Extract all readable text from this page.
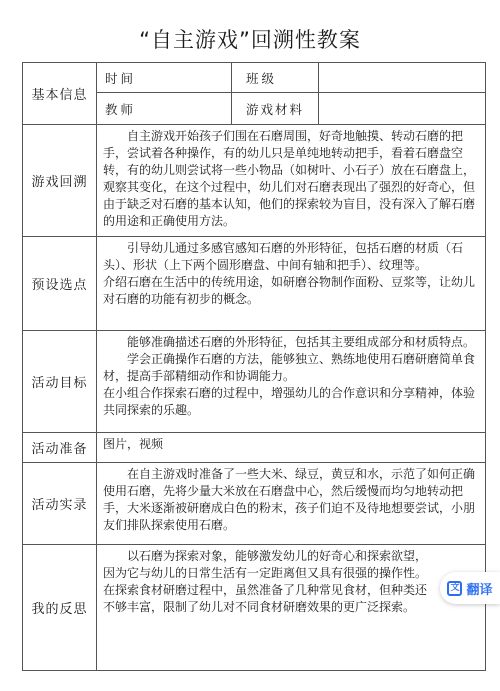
“自主游戏”回溯性教案
基本信息	时间	班级	
	教师	游戏材料	
游戏回溯	自主游戏开始孩子们围在石磨周围，好奇地触摸、转动石磨的把手，尝试着各种操作，有的幼儿只是单纯地转动把手，看着石磨盘空转，有的幼儿则尝试将一些小物品（如树叶、小石子）放在石磨盘上，观察其变化，在这个过程中，幼儿们对石磨表现出了强烈的好奇心，但由于缺乏对石磨的基本认知，他们的探索较为盲目，没有深入了解石磨的用途和正确使用方法。		

预设选点	引导幼儿通过多感官感知石磨的外形特征，包括石磨的材质（石头）、形状（上下两个圆形磨盘、中间有轴和把手）、纹理等。

介绍石磨在生活中的传统用途，如研磨谷物制作面粉、豆浆等，让幼儿对石磨的功能有初步的概念。		

活动目标	能够准确描述石磨的外形特征，包括其主要组成部分和材质特点。

学会正确操作石磨的方法，能够独立、熟练地使用石磨研磨简单食材，提高手部精细动作和协调能力。

在小组合作探索石磨的过程中，增强幼儿的合作意识和分享精神，体验共同探索的乐趣。		

活动准备	图片，视频		

活动实录	在自主游戏时准备了一些大米、绿豆，黄豆和水，示范了如何正确使用石磨，先将少量大米放在石磨盘中心，然后缓慢而均匀地转动把手，大米逐渐被研磨成白色的粉末，孩子们迫不及待地想要尝试，小朋友们排队探索使用石磨。		

我的反思	以石磨为探索对象，能够激发幼儿的好奇心和探索欲望，因为它与幼儿的日常生活有一定距离但又具有很强的操作性。

在探索食材研磨过程中，虽然准备了几种常见食材，但种类还不够丰富，限制了幼儿对不同食材研磨效果的更广泛探索。		

文 翻译
